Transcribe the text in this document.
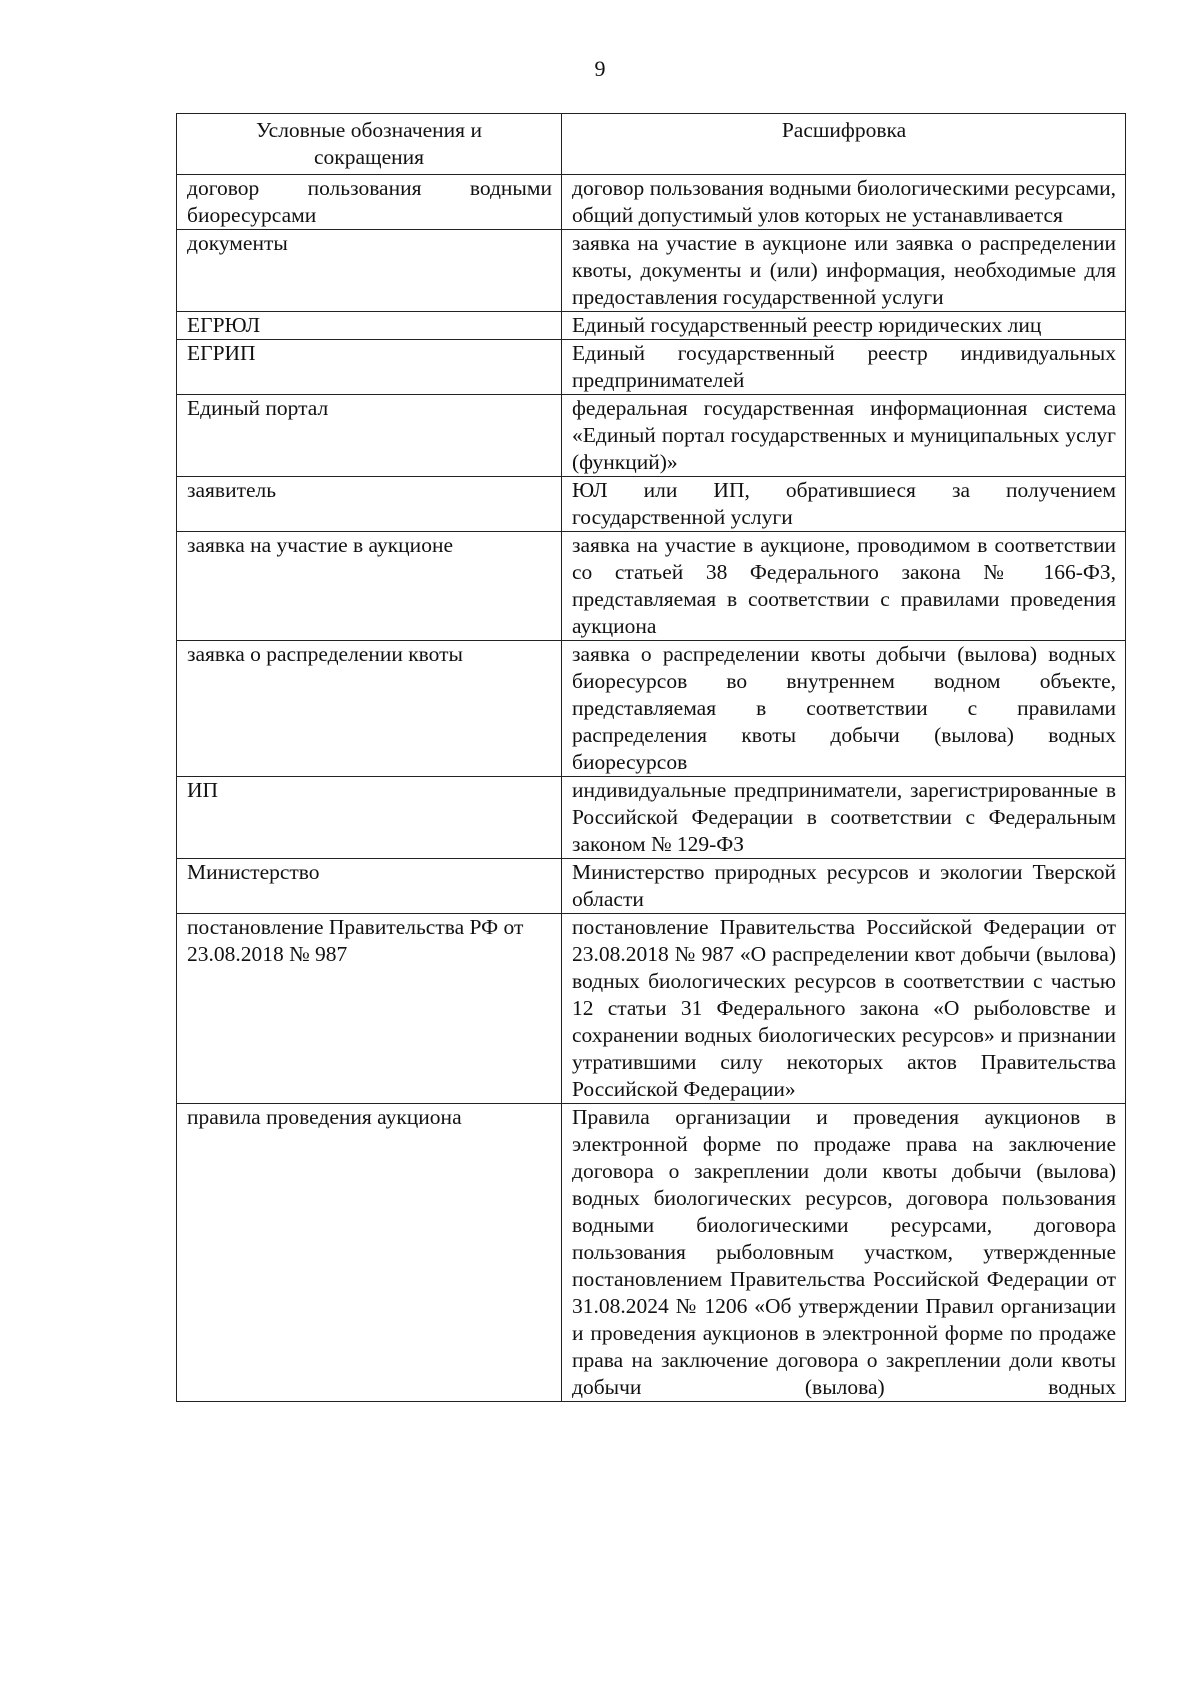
9
Условные обозначения и сокращения	Расшифровка
договор пользования водными биоресурсами	договор пользования водными биологическими ресурсами, общий допустимый улов которых не устанавливается
документы	заявка на участие в аукционе или заявка о распределении квоты, документы и (или) информация, необходимые для предоставления государственной услуги
ЕГРЮЛ	Единый государственный реестр юридических лиц
ЕГРИП	Единый государственный реестр индивидуальных предпринимателей
Единый портал	федеральная государственная информационная система «Единый портал государственных и муниципальных услуг (функций)»
заявитель	ЮЛ или ИП, обратившиеся за получением государственной услуги
заявка на участие в аукционе	заявка на участие в аукционе, проводимом в соответствии со статьей 38 Федерального закона № 166-ФЗ, представляемая в соответствии с правилами проведения аукциона
заявка о распределении квоты	заявка о распределении квоты добычи (вылова) водных биоресурсов во внутреннем водном объекте, представляемая в соответствии с правилами распределения квоты добычи (вылова) водных биоресурсов
ИП	индивидуальные предприниматели, зарегистрированные в Российской Федерации в соответствии с Федеральным законом № 129-ФЗ
Министерство	Министерство природных ресурсов и экологии Тверской области
постановление Правительства РФ от 23.08.2018 № 987	постановление Правительства Российской Федерации от 23.08.2018 № 987 «О распределении квот добычи (вылова) водных биологических ресурсов в соответствии с частью 12 статьи 31 Федерального закона «О рыболовстве и сохранении водных биологических ресурсов» и признании утратившими силу некоторых актов Правительства Российской Федерации»
правила проведения аукциона	Правила организации и проведения аукционов в электронной форме по продаже права на заключение договора о закреплении доли квоты добычи (вылова) водных биологических ресурсов, договора пользования водными биологическими ресурсами, договора пользования рыболовным участком, утвержденные постановлением Правительства Российской Федерации от 31.08.2024 № 1206 «Об утверждении Правил организации и проведения аукционов в электронной форме по продаже права на заключение договора о закреплении доли квоты добычи (вылова) водных
